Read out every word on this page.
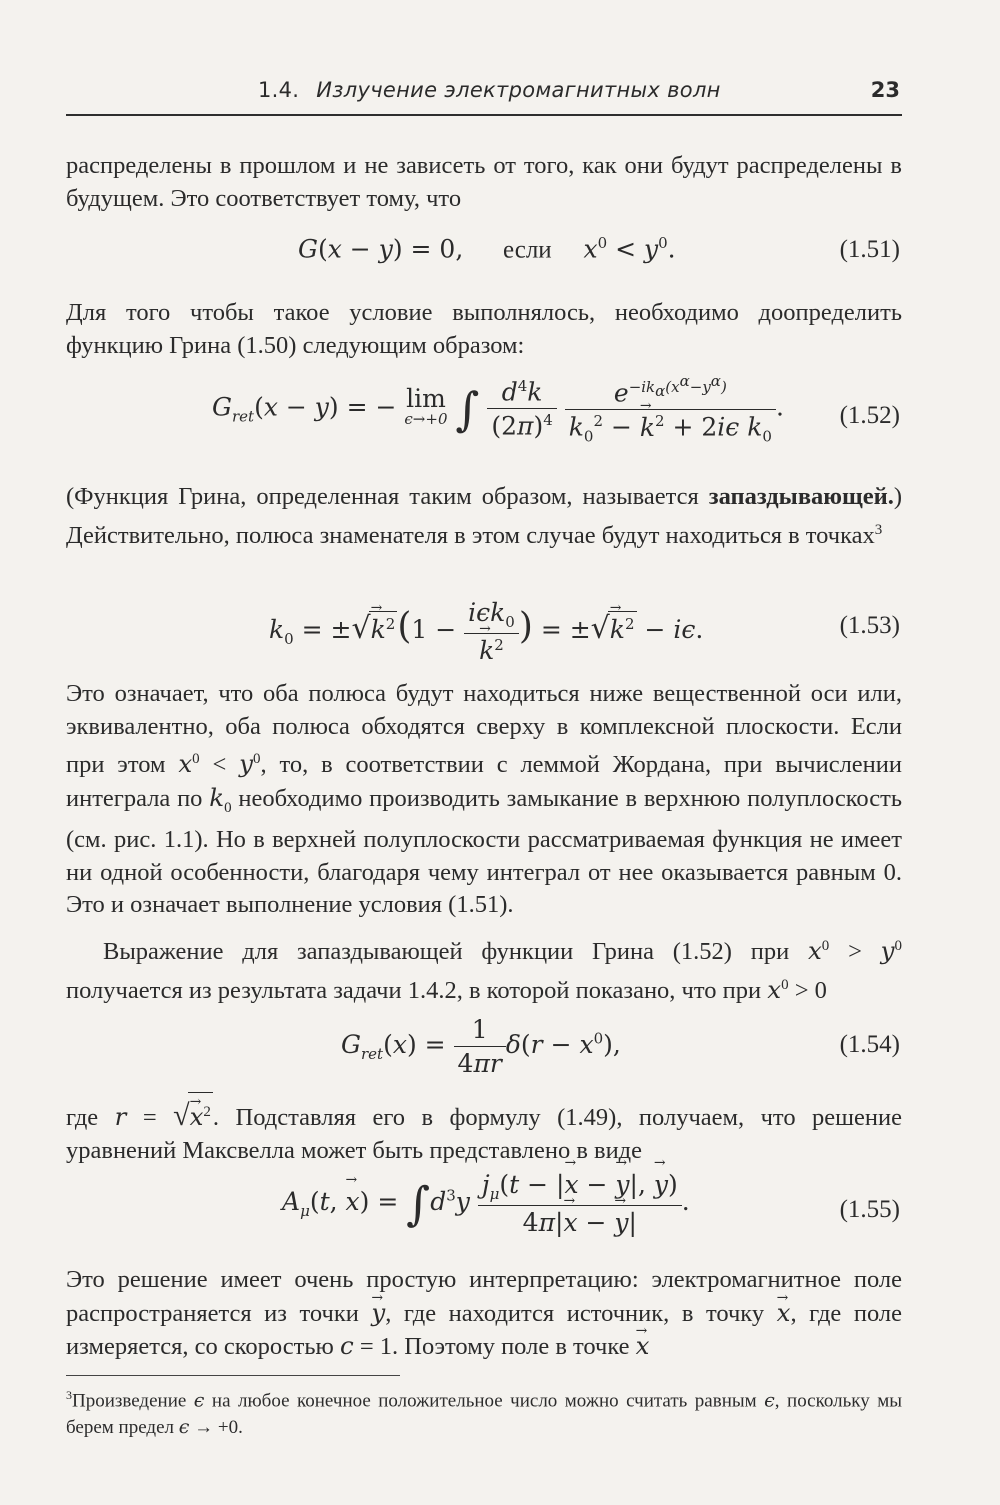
1.4. Излучение электромагнитных волн	23
распределены в прошлом и не зависеть от того, как они будут распределены в будущем. Это соответствует тому, что
G(x − y) = 0,     если $x^0 < y^0$.	(1.51)
Для того чтобы такое условие выполнялось, необходимо доопределить функцию Грина (1.50) следующим образом:
$G_{ret}(x - y)$ = − lim
ϵ→+0 ∫ $\frac{d^4k}{(2\pi)^4}$
$\frac{e^{-ik_\alpha(x^\alpha-y^\alpha)}}{k_0^2 - \to k^2 + 2i\epsilon k_0}$ . (1.52)
(Функция Грина, определенная таким образом, называется запаздывающей.) Действительно, полюса знаменателя в этом случае будут находиться в точках$^3$
$k_0$ = ±√→ $k^2(1 - i\epsilon k_0$
→ $k^2$ ) = ±√→ $k^2 - i\epsilon$.	(1.53)
Это означает, что оба полюса будут находиться ниже вещественной оси или, эквивалентно, оба полюса обходятся сверху в комплексной плоскости. Если при этом $x^0 < y^0$, то, в соответствии с леммой Жордана, при вычислении интеграла по $k_0$ необходимо производить замыкание в верхнюю полуплоскость (см. рис. 1.1). Но в верхней полуплоскости рассматриваемая функция не имеет ни одной особенности, благодаря чему интеграл от нее оказывается равным 0. Это и означает выполнение условия (1.51).
Выражение для запаздывающей функции Грина (1.52) при $x^0 > y^0$ получается из результата задачи 1.4.2, в которой показано, что при $x^0 > 0$
$G_{ret}(x) = \frac{1}{4\pi r} \delta(r - x^0)$,	(1.54)
где r = √→ $x^2$. Подставляя его в формулу (1.49), получаем, что решение уравнений Максвелла может быть представлено в виде
$A_\mu(t$, → $x) = \int d^3y \frac{j_\mu(t - |\to x - \to y|, \to y)}{4\pi|\to x - \to y|}$ .	(1.55)
Это решение имеет очень простую интерпретацию: электромагнитное поле распространяется из точки → y, где находится источник, в точку → x, где поле измеряется, со скоростью c = 1. Поэтому поле в точке → x
$^3$Произведение ϵ на любое конечное положительное число можно считать равным ϵ, поскольку мы берем предел ϵ → +0.
